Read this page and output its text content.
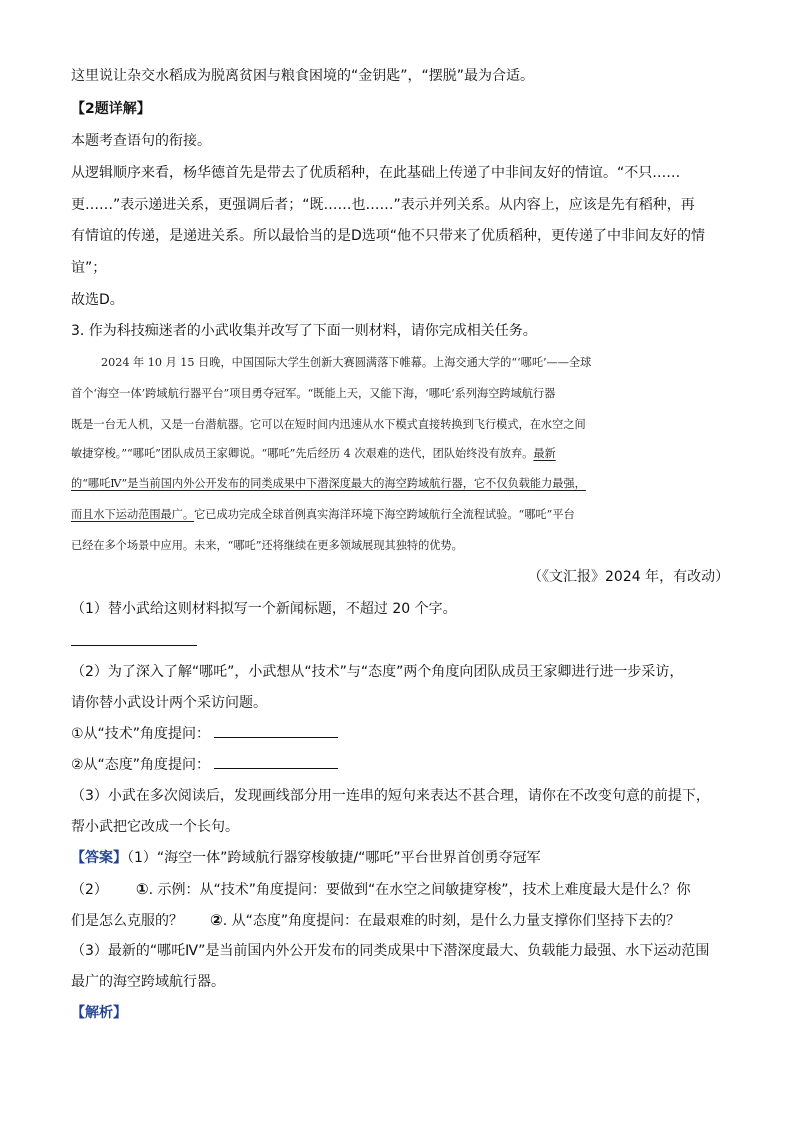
这里说让杂交水稻成为脱离贫困与粮食困境的“金钥匙”，“摆脱”最为合适。
【2题详解】
本题考查语句的衔接。
从逻辑顺序来看，杨华德首先是带去了优质稻种，在此基础上传递了中非间友好的情谊。“不只……
更……”表示递进关系，更强调后者；“既……也……”表示并列关系。从内容上，应该是先有稻种，再
有情谊的传递，是递进关系。所以最恰当的是D选项“他不只带来了优质稻种，更传递了中非间友好的情
谊”；
故选D。
3. 作为科技痴迷者的小武收集并改写了下面一则材料，请你完成相关任务。
2024 年 10 月 15 日晚，中国国际大学生创新大赛圆满落下帷幕。上海交通大学的“‘哪吒’——全球
首个‘海空一体’跨域航行器平台”项目勇夺冠军。“既能上天，又能下海，‘哪吒’系列海空跨域航行器
既是一台无人机，又是一台潜航器。它可以在短时间内迅速从水下模式直接转换到飞行模式，在水空之间
敏捷穿梭。”“哪吒”团队成员王家卿说。“哪吒”先后经历 4 次艰难的迭代，团队始终没有放弃。最新
的“哪吒Ⅳ”是当前国内外公开发布的同类成果中下潜深度最大的海空跨域航行器，它不仅负载能力最强，
而且水下运动范围最广。它已成功完成全球首例真实海洋环境下海空跨域航行全流程试验。“哪吒”平台
已经在多个场景中应用。未来，“哪吒”还将继续在更多领域展现其独特的优势。
（《文汇报》2024 年，有改动）
（1）替小武给这则材料拟写一个新闻标题，不超过 20 个字。
（2）为了深入了解“哪吒”，小武想从“技术”与“态度”两个角度向团队成员王家卿进行进一步采访，
请你替小武设计两个采访问题。
①从“技术”角度提问：
②从“态度”角度提问：
（3）小武在多次阅读后，发现画线部分用一连串的短句来表达不甚合理，请你在不改变句意的前提下，
帮小武把它改成一个长句。
【答案】（1）“海空一体”跨域航行器穿梭敏捷/“哪吒”平台世界首创勇夺冠军
（2） ①. 示例：从“技术”角度提问：要做到“在水空之间敏捷穿梭”，技术上难度最大是什么？你
们是怎么克服的？ ②. 从“态度”角度提问：在最艰难的时刻，是什么力量支撑你们坚持下去的？
（3）最新的“哪吒Ⅳ”是当前国内外公开发布的同类成果中下潜深度最大、负载能力最强、水下运动范围
最广的海空跨域航行器。
【解析】
